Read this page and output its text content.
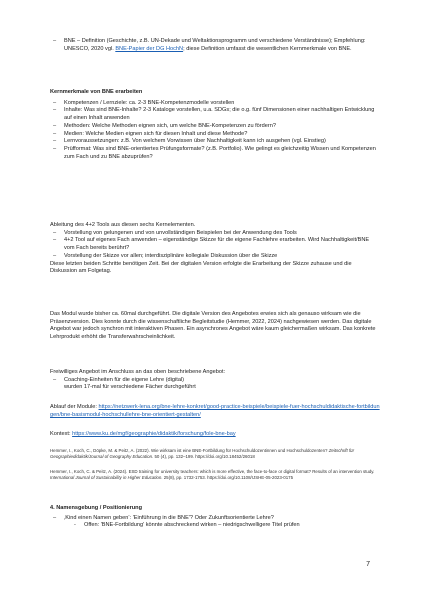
– BNE – Definition (Geschichte, z.B. UN-Dekade und Weltaktionsprogramm und verschiedene Verständnisse); Empfehlung: UNESCO, 2020 vgl. BNE-Papier der DG HochN; diese Definition umfasst die wesentlichen Kernmerkmale von BNE.
Kernmerkmale von BNE erarbeiten
– Kompetenzen / Lernziele: ca. 2-3 BNE-Kompetenzmodelle vorstellen
– Inhalte: Was sind BNE-Inhalte? 2-3 Kataloge vorstellen, u.a. SDGs; die o.g. fünf Dimensionen einer nachhaltigen Entwicklung auf einen Inhalt anwenden
– Methoden: Welche Methoden eignen sich, um welche BNE-Kompetenzen zu fördern?
– Medien: Welche Medien eignen sich für diesen Inhalt und diese Methode?
– Lernvoraussetzungen: z.B. Von welchem Vorwissen über Nachhaltigkeit kann ich ausgehen (vgl. Einstieg)
– Prüfformat: Was sind BNE-orientiertes Prüfungsformate? (z.B. Portfolio). Wie gelingt es gleichzeitig Wissen und Kompetenzen zum Fach und zu BNE abzuprüfen?
Ableitung des 4+2 Tools aus diesen sechs Kernelementen.
– Vorstellung von gelungenen und von unvollständigen Beispielen bei der Anwendung des Tools
– 4+2 Tool auf eigenes Fach anwenden – eigenständige Skizze für die eigene Fachlehre erarbeiten. Wird Nachhaltigkeit/BNE vom Fach bereits berührt?
– Vorstellung der Skizze vor allen; interdisziplinäre kollegiale Diskussion über die Skizze
Diese letzten beiden Schritte benötigen Zeit. Bei der digitalen Version erfolgte die Erarbeitung der Skizze zuhause und die Diskussion am Folgetag.
Das Modul wurde bisher ca. 60mal durchgeführt. Die digitale Version des Angebotes erwies sich als genauso wirksam wie die Präsenzversion. Dies konnte durch die wissenschaftliche Begleitstudie (Hemmer, 2022, 2024) nachgewiesen werden. Das digitale Angebot war jedoch synchron mit interaktiven Phasen. Ein asynchrones Angebot wäre kaum gleichermaßen wirksam. Das konkrete Lehrprodukt erhöht die Transferwahrscheinlichkeit.
Freiwilliges Angebot im Anschluss an das oben beschriebene Angebot:
– Coaching-Einheiten für die eigene Lehre (digital)
wurden 17-mal für verschiedene Fächer durchgeführt
Ablauf der Module: https://netzwerk-lena.org/bne-lehre-konkret/good-practice-beispiele/beispiele-fuer-hochschuldidaktische-fortbildungen/bne-basismodul-hochschullehre-bne-orientiert-gestalten/
Kontext: https://www.ku.de/mgf/geographie/didaktik/forschung/fole-bne-bay
Hemmer, I., Koch, C., Döpke, M. & Peitz, A. (2022). Wie wirksam ist eine BNE-Fortbildung für Hochschuldozentinnen und Hochschuldozenten? Zeitschrift für Geographiedidaktik/Journal of Geography Education. 50 (4), pp. 132–199. https://doi.org/10.18452/26018
Hemmer, I., Koch, C. & Peitz, A. (2024). ESD training for university teachers: which is more effective, the face-to-face or digital format? Results of an intervention study. International Journal of Sustainability in Higher Education. 25(8), pp. 1732-1753. https://doi.org/10.1108/IJSHE-05-2023-0175
4. Namensgebung / Positionierung
– ‚Kind einen Namen geben‘: 'Einführung in die BNE'? Oder Zukunftsorientierte Lehre?
- Offen: 'BNE-Fortbildung' könnte abschreckend wirken – niedrigschwelligere Titel prüfen
7
